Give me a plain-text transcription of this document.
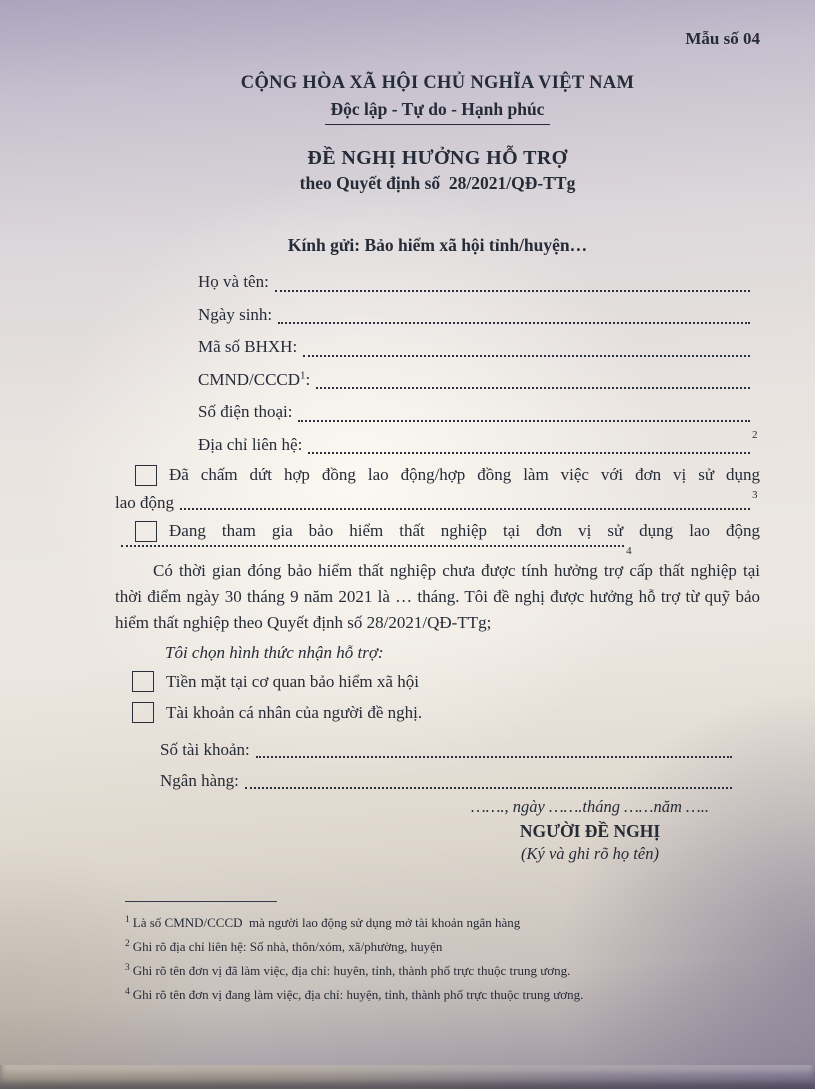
Mẫu số 04
CỘNG HÒA XÃ HỘI CHỦ NGHĨA VIỆT NAM
Độc lập - Tự do - Hạnh phúc
ĐỀ NGHỊ HƯỞNG HỖ TRỢ
theo Quyết định số  28/2021/QĐ-TTg
Kính gửi: Bảo hiểm xã hội tỉnh/huyện…
Họ và tên:
Ngày sinh:
Mã số BHXH:
CMND/CCCD$^1$:
Số điện thoại:
Địa chỉ liên hệ:	2
Đã chấm dứt hợp đồng lao động/hợp đồng làm việc với đơn vị sử dụng
lao động	3
Đang tham gia bảo hiểm thất nghiệp tại đơn vị sử dụng lao động
4
Có thời gian đóng bảo hiểm thất nghiệp chưa được tính hưởng trợ cấp thất nghiệp tại thời điểm ngày 30 tháng 9 năm 2021 là … tháng. Tôi đề nghị được hưởng hỗ trợ từ quỹ bảo hiểm thất nghiệp theo Quyết định số 28/2021/QĐ-TTg;
Tôi chọn hình thức nhận hỗ trợ:
Tiền mặt tại cơ quan bảo hiểm xã hội
Tài khoản cá nhân của người đề nghị.
Số tài khoản:
Ngân hàng:
……., ngày …….tháng ……năm …..
NGƯỜI ĐỀ NGHỊ
(Ký và ghi rõ họ tên)
$^1$ Là số CMND/CCCD  mà người lao động sử dụng mở tài khoản ngân hàng
$^2$ Ghi rõ địa chỉ liên hệ: Số nhà, thôn/xóm, xã/phường, huyện
$^3$ Ghi rõ tên đơn vị đã làm việc, địa chỉ: huyên, tỉnh, thành phố trực thuộc trung ương.
$^4$ Ghi rõ tên đơn vị đang làm việc, địa chỉ: huyện, tỉnh, thành phố trực thuộc trung ương.
